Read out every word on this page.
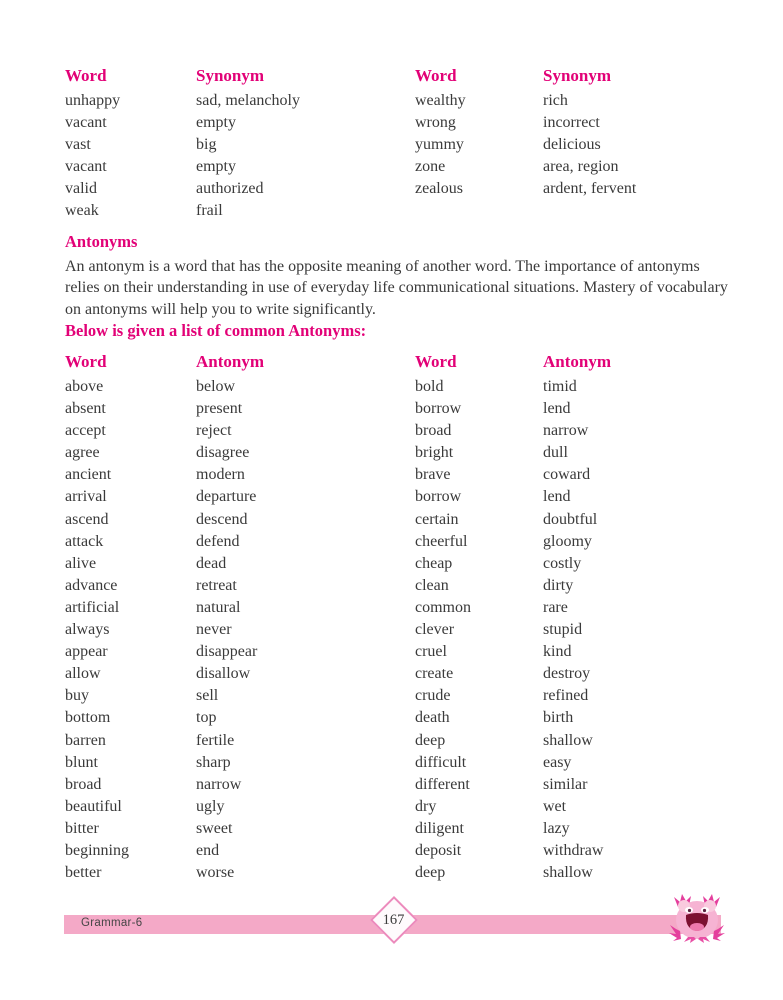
Word	Synonym
unhappy	sad, melancholy
vacant	empty
vast	big
vacant	empty
valid	authorized
weak	frail
Word	Synonym
wealthy	rich
wrong	incorrect
yummy	delicious
zone	area, region
zealous	ardent, fervent
Antonyms
An antonym is a word that has the opposite meaning of another word. The importance of antonyms relies on their understanding in use of everyday life communicational situations. Mastery of vocabulary on antonyms will help you to write significantly.
Below is given a list of common Antonyms:
Word	Antonym
above	below
absent	present
accept	reject
agree	disagree
ancient	modern
arrival	departure
ascend	descend
attack	defend
alive	dead
advance	retreat
artificial	natural
always	never
appear	disappear
allow	disallow
buy	sell
bottom	top
barren	fertile
blunt	sharp
broad	narrow
beautiful	ugly
bitter	sweet
beginning	end
better	worse
Word	Antonym
bold	timid
borrow	lend
broad	narrow
bright	dull
brave	coward
borrow	lend
certain	doubtful
cheerful	gloomy
cheap	costly
clean	dirty
common	rare
clever	stupid
cruel	kind
create	destroy
crude	refined
death	birth
deep	shallow
difficult	easy
different	similar
dry	wet
diligent	lazy
deposit	withdraw
deep	shallow
Grammar-6	167
